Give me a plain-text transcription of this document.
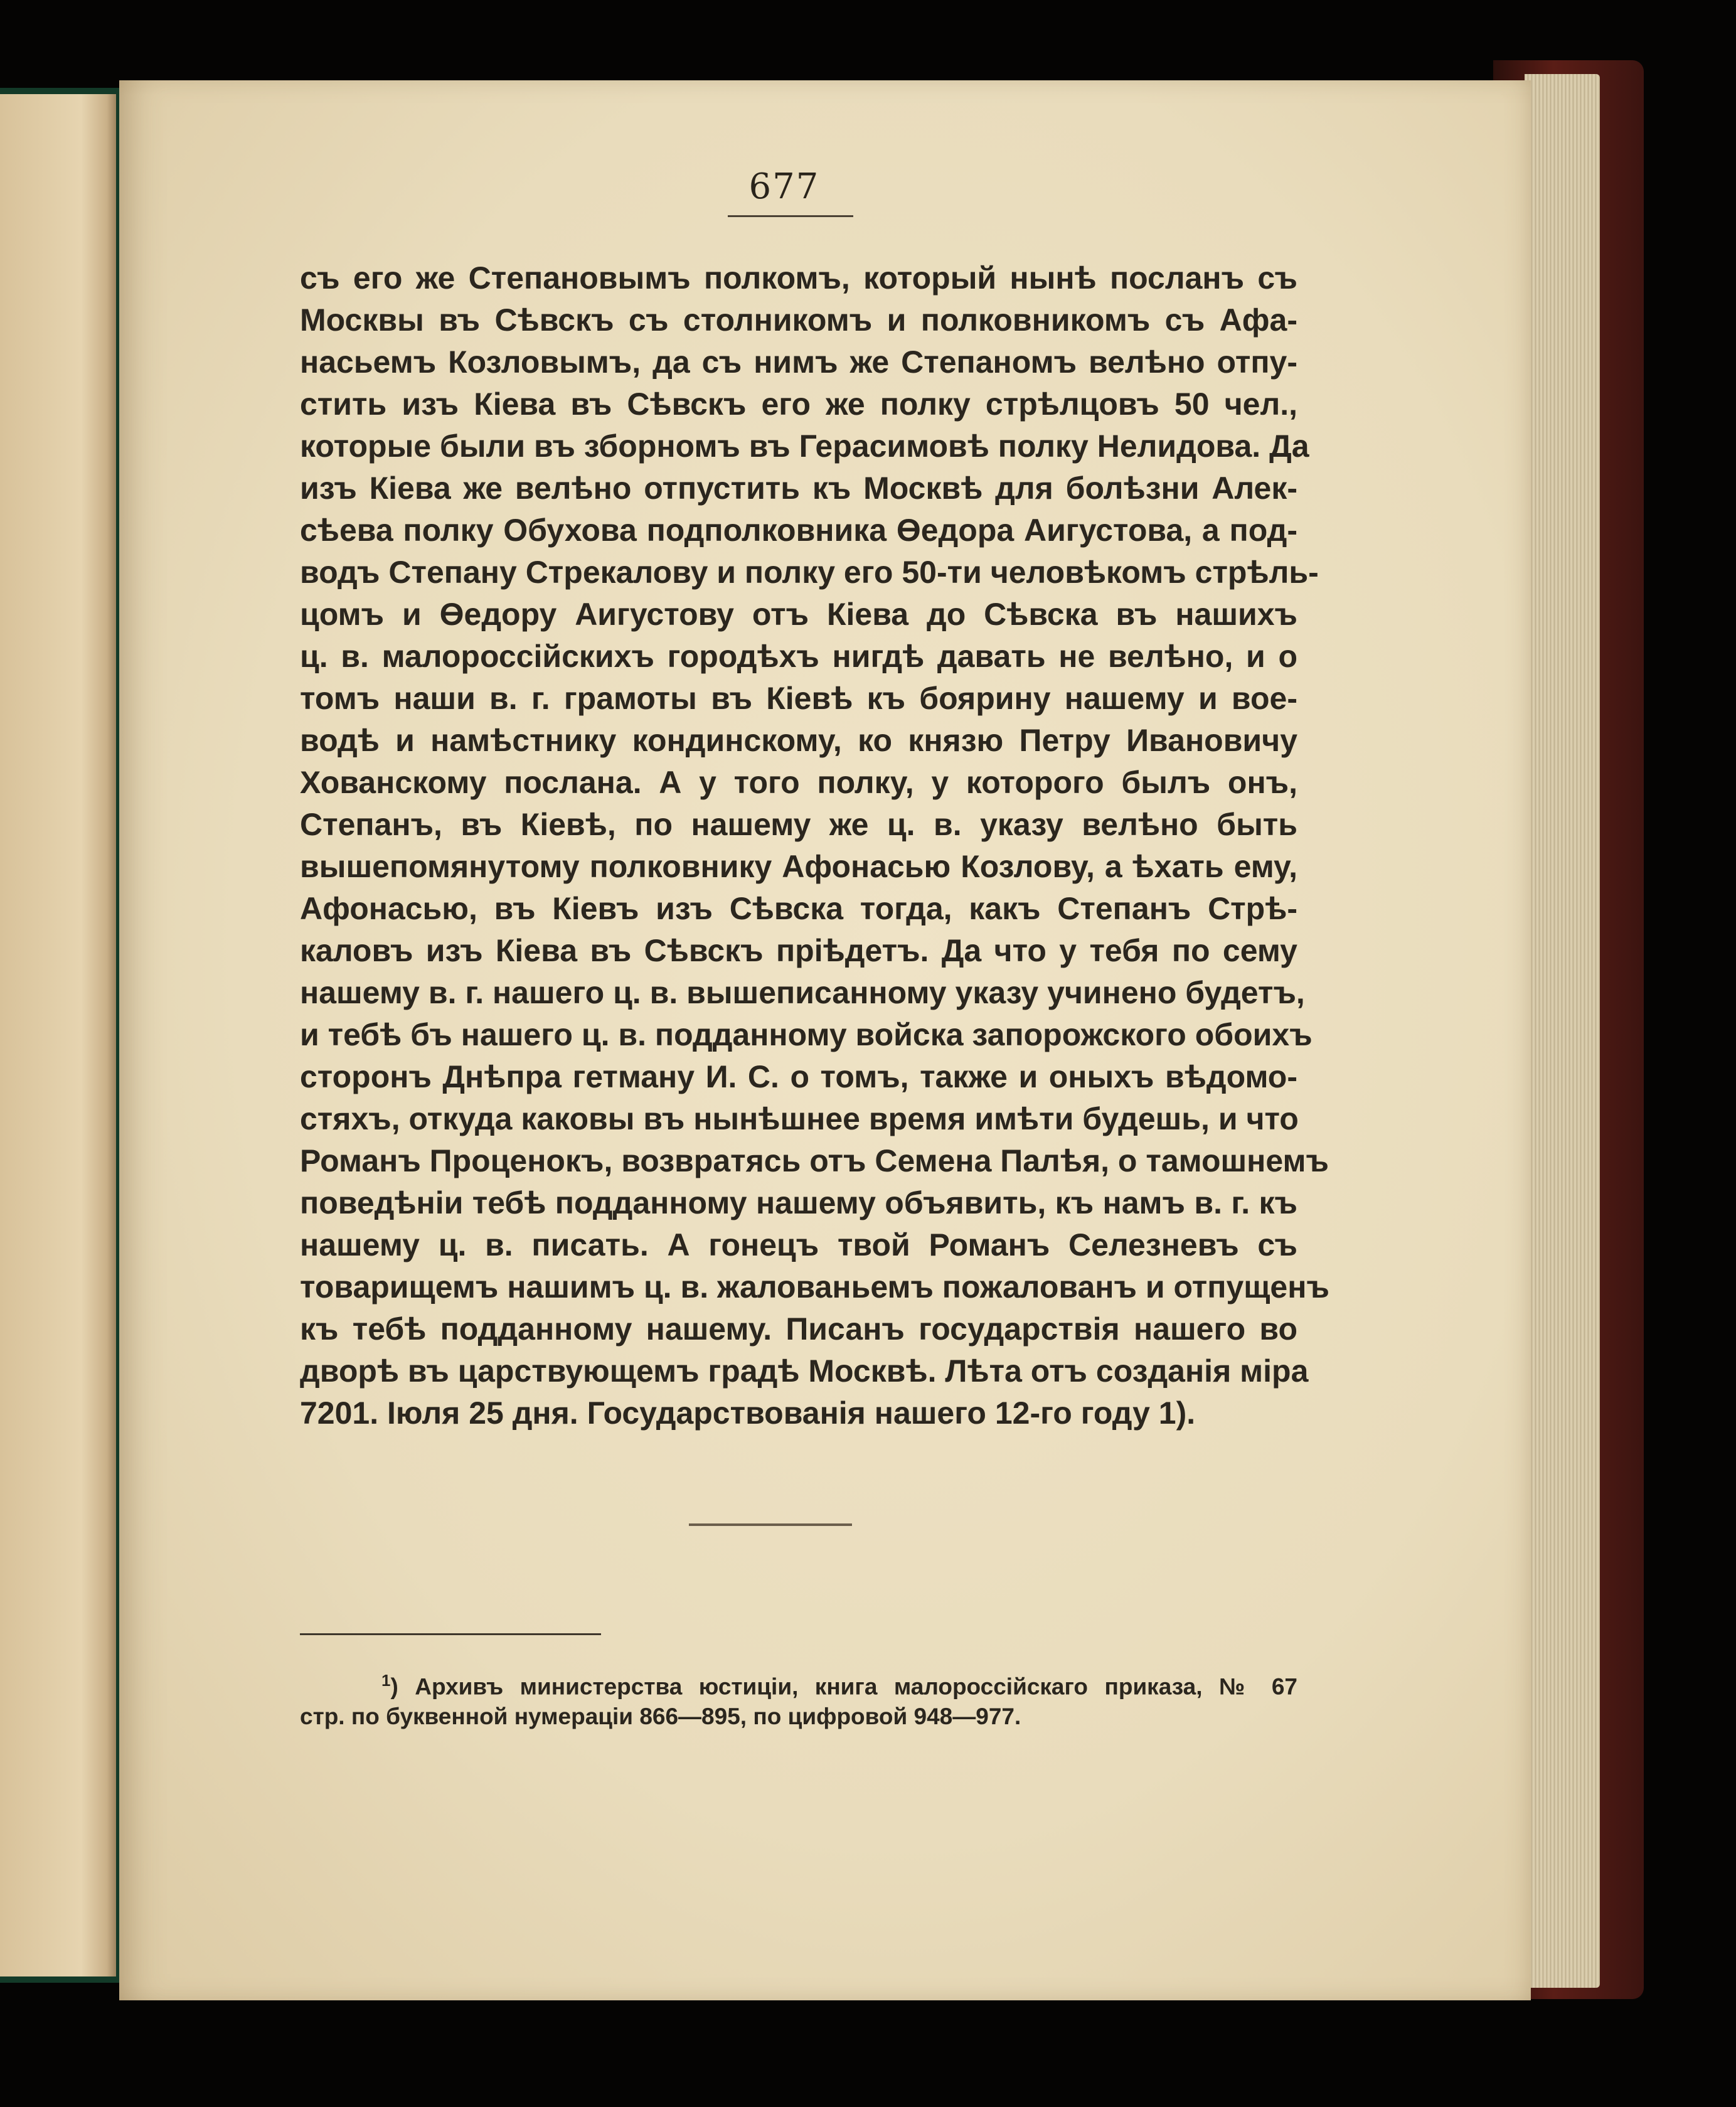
677
съ его же Степановымъ полкомъ, который нынѣ посланъ съ
Москвы въ Сѣвскъ съ столникомъ и полковникомъ съ Афа-
насьемъ Козловымъ, да съ нимъ же Степаномъ велѣно отпу-
стить изъ Кіева въ Сѣвскъ его же полку стрѣлцовъ 50 чел.,
которые были въ зборномъ въ Герасимовѣ полку Нелидова. Да
изъ Кіева же велѣно отпустить къ Москвѣ для болѣзни Алек-
сѣева полку Обухова подполковника Өедора Аигустова, а под-
водъ Степану Стрекалову и полку его 50-ти человѣкомъ стрѣль-
цомъ и Өедору Аигустову отъ Кіева до Сѣвска въ нашихъ
ц. в. малороссійскихъ городѣхъ нигдѣ давать не велѣно, и о
томъ наши в. г. грамоты въ Кіевѣ къ боярину нашему и вое-
водѣ и намѣстнику кондинскому, ко князю Петру Ивановичу
Хованскому послана. А у того полку, у которого былъ онъ,
Степанъ, въ Кіевѣ, по нашему же ц. в. указу велѣно быть
вышепомянутому полковнику Афонасью Козлову, а ѣхать ему,
Афонасью, въ Кіевъ изъ Сѣвска тогда, какъ Степанъ Стрѣ-
каловъ изъ Кіева въ Сѣвскъ пріѣдетъ. Да что у тебя по сему
нашему в. г. нашего ц. в. вышеписанному указу учинено будетъ,
и тебѣ бъ нашего ц. в. подданному войска запорожского обоихъ
сторонъ Днѣпра гетману И. С. о томъ, также и оныхъ вѣдомо-
стяхъ, откуда каковы въ нынѣшнее время имѣти будешь, и что
Романъ Проценокъ, возвратясь отъ Семена Палѣя, о тамошнемъ
поведѣніи тебѣ подданному нашему объявить, къ намъ в. г. къ
нашему ц. в. писать. А гонецъ твой Романъ Селезневъ съ
товарищемъ нашимъ ц. в. жалованьемъ пожалованъ и отпущенъ
къ тебѣ подданному нашему. Писанъ государствія нашего во
дворѣ въ царствующемъ градѣ Москвѣ. Лѣта отъ созданія міра
7201. Іюля 25 дня. Государствованія нашего 12-го году 1).
$^1$) Архивъ министерства юстиціи, книга малороссійскаго приказа, № 67
стр. по буквенной нумераціи 866—895, по цифровой 948—977.
